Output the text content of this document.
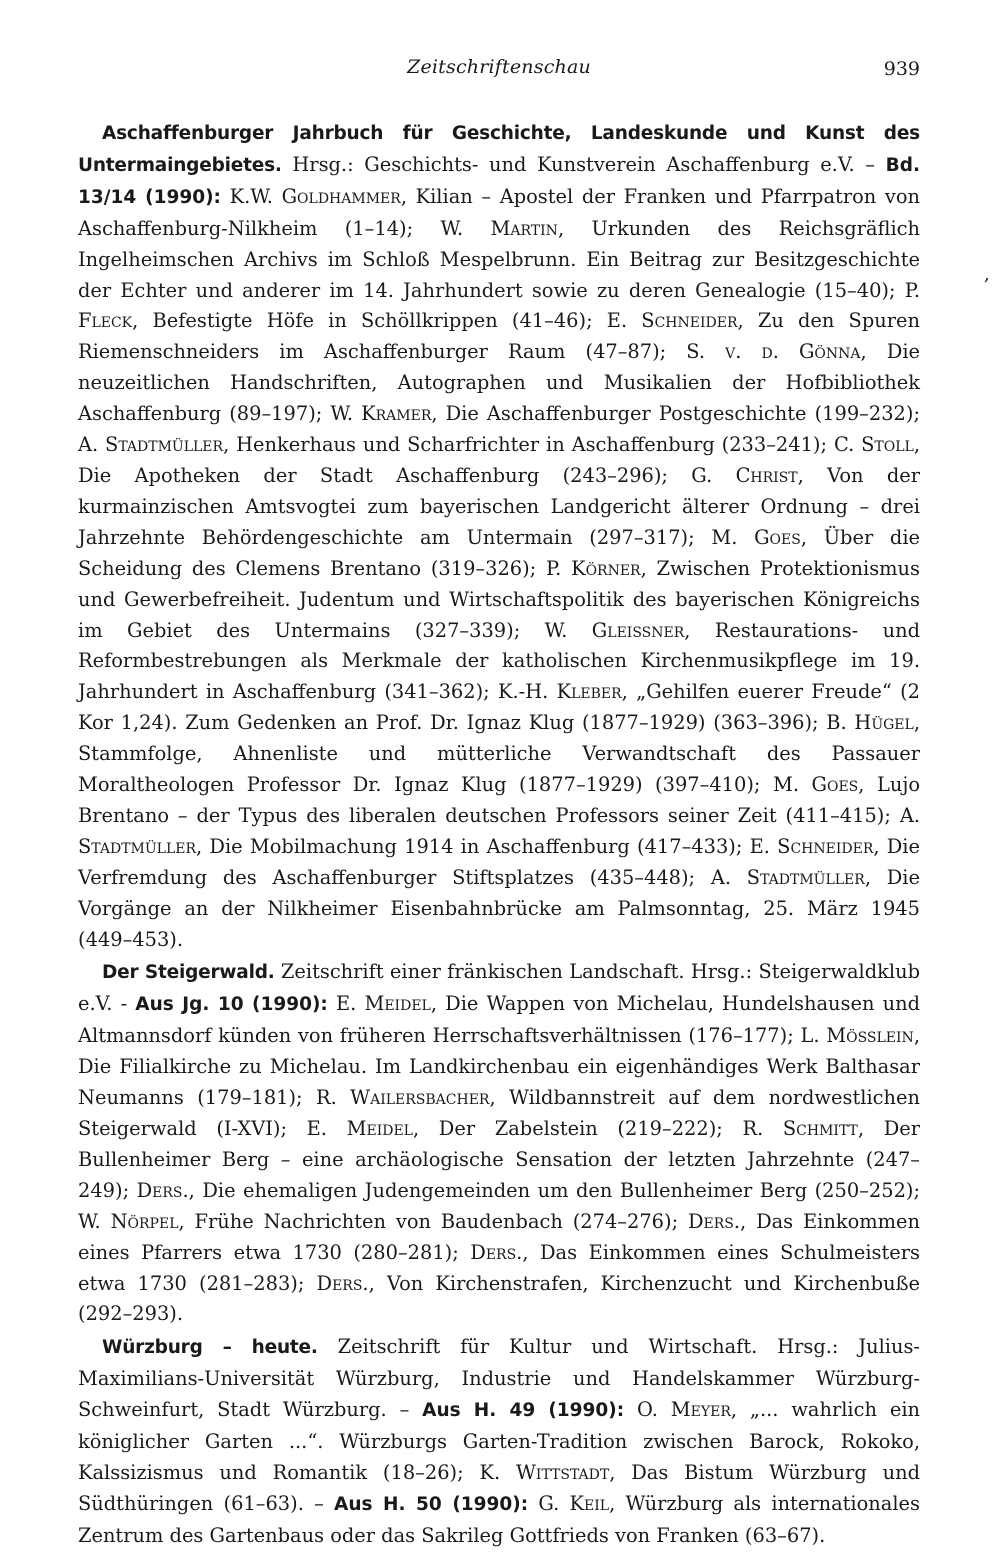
Zeitschriftenschau	939
,

Aschaffenburger Jahrbuch für Geschichte, Landeskunde und Kunst des Untermaingebietes. Hrsg.: Geschichts- und Kunstverein Aschaffenburg e.V. – Bd. 13/14 (1990): K.W. Goldhammer, Kilian – Apostel der Franken und Pfarrpatron von Aschaffenburg-Nilkheim (1–14); W. Martin, Urkunden des Reichsgräflich Ingelheimschen Archivs im Schloß Mespelbrunn. Ein Beitrag zur Besitzgeschichte der Echter und anderer im 14. Jahrhundert sowie zu deren Genealogie (15–40); P. Fleck, Befestigte Höfe in Schöllkrippen (41–46); E. Schneider, Zu den Spuren Riemenschneiders im Aschaffenburger Raum (47–87); S. v. d. Gönna, Die neuzeitlichen Handschriften, Autographen und Musikalien der Hofbibliothek Aschaffenburg (89–197); W. Kramer, Die Aschaffenburger Postgeschichte (199–232); A. Stadtmüller, Henkerhaus und Scharfrichter in Aschaffenburg (233–241); C. Stoll, Die Apotheken der Stadt Aschaffenburg (243–296); G. Christ, Von der kurmainzischen Amtsvogtei zum bayerischen Landgericht älterer Ordnung – drei Jahrzehnte Behördengeschichte am Untermain (297–317); M. Goes, Über die Scheidung des Clemens Brentano (319–326); P. Körner, Zwischen Protektionismus und Gewerbefreiheit. Judentum und Wirtschaftspolitik des bayerischen Königreichs im Gebiet des Untermains (327–339); W. Gleissner, Restaurations- und Reformbestrebungen als Merkmale der katholischen Kirchenmusikpflege im 19. Jahrhundert in Aschaffenburg (341–362); K.-H. Kleber, „Gehilfen euerer Freude“ (2 Kor 1,24). Zum Gedenken an Prof. Dr. Ignaz Klug (1877–1929) (363–396); B. Hügel, Stammfolge, Ahnenliste und mütterliche Verwandtschaft des Passauer Moraltheologen Professor Dr. Ignaz Klug (1877–1929) (397–410); M. Goes, Lujo Brentano – der Typus des liberalen deutschen Professors seiner Zeit (411–415); A. Stadtmüller, Die Mobilmachung 1914 in Aschaffenburg (417–433); E. Schneider, Die Verfremdung des Aschaffenburger Stiftsplatzes (435–448); A. Stadtmüller, Die Vorgänge an der Nilkheimer Eisenbahnbrücke am Palmsonntag, 25. März 1945 (449–453).

Der Steigerwald. Zeitschrift einer fränkischen Landschaft. Hrsg.: Steigerwaldklub e.V. - Aus Jg. 10 (1990): E. Meidel, Die Wappen von Michelau, Hundelshausen und Altmannsdorf künden von früheren Herrschaftsverhältnissen (176–177); L. Mösslein, Die Filialkirche zu Michelau. Im Landkirchenbau ein eigenhändiges Werk Balthasar Neumanns (179–181); R. Wailersbacher, Wildbannstreit auf dem nordwestlichen Steigerwald (I-XVI); E. Meidel, Der Zabelstein (219–222); R. Schmitt, Der Bullenheimer Berg – eine archäologische Sensation der letzten Jahrzehnte (247–249); Ders., Die ehemaligen Judengemeinden um den Bullenheimer Berg (250–252); W. Nörpel, Frühe Nachrichten von Baudenbach (274–276); Ders., Das Einkommen eines Pfarrers etwa 1730 (280–281); Ders., Das Einkommen eines Schulmeisters etwa 1730 (281–283); Ders., Von Kirchenstrafen, Kirchenzucht und Kirchenbuße (292–293).

Würzburg – heute. Zeitschrift für Kultur und Wirtschaft. Hrsg.: Julius-Maximilians-Universität Würzburg, Industrie und Handelskammer Würzburg-Schweinfurt, Stadt Würzburg. – Aus H. 49 (1990): O. Meyer, „... wahrlich ein königlicher Garten ...“. Würzburgs Garten-Tradition zwischen Barock, Rokoko, Kalssizismus und Romantik (18–26); K. Wittstadt, Das Bistum Würzburg und Südthüringen (61–63). – Aus H. 50 (1990): G. Keil, Würzburg als internationales Zentrum des Gartenbaus oder das Sakrileg Gottfrieds von Franken (63–67).
